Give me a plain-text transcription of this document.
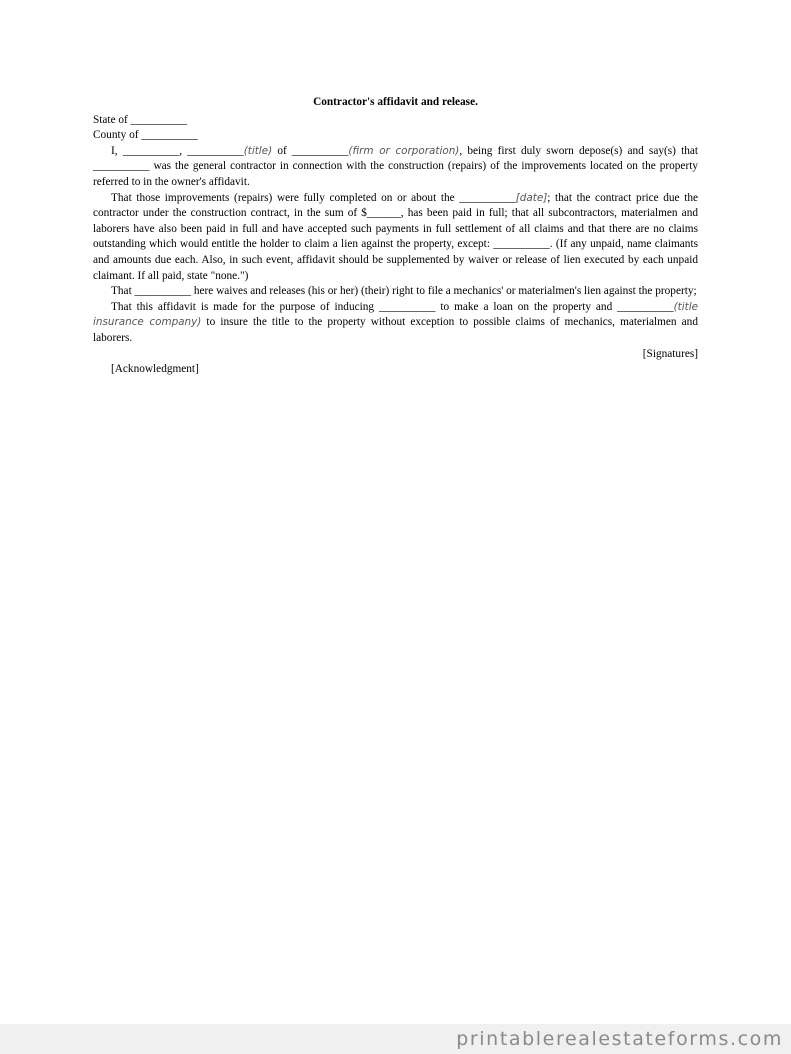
Contractor's affidavit and release.
State of __________
County of __________
I, __________, __________(title) of __________(firm or corporation), being first duly sworn depose(s) and say(s) that __________ was the general contractor in connection with the construction (repairs) of the improvements located on the property referred to in the owner's affidavit.
That those improvements (repairs) were fully completed on or about the __________[date]; that the contract price due the contractor under the construction contract, in the sum of $______, has been paid in full; that all subcontractors, materialmen and laborers have also been paid in full and have accepted such payments in full settlement of all claims and that there are no claims outstanding which would entitle the holder to claim a lien against the property, except: __________. (If any unpaid, name claimants and amounts due each. Also, in such event, affidavit should be supplemented by waiver or release of lien executed by each unpaid claimant. If all paid, state "none.")
That __________ here waives and releases (his or her) (their) right to file a mechanics' or materialmen's lien against the property;
That this affidavit is made for the purpose of inducing __________ to make a loan on the property and __________(title insurance company) to insure the title to the property without exception to possible claims of mechanics, materialmen and laborers.
[Signatures]
[Acknowledgment]
printablerealestateforms.com
